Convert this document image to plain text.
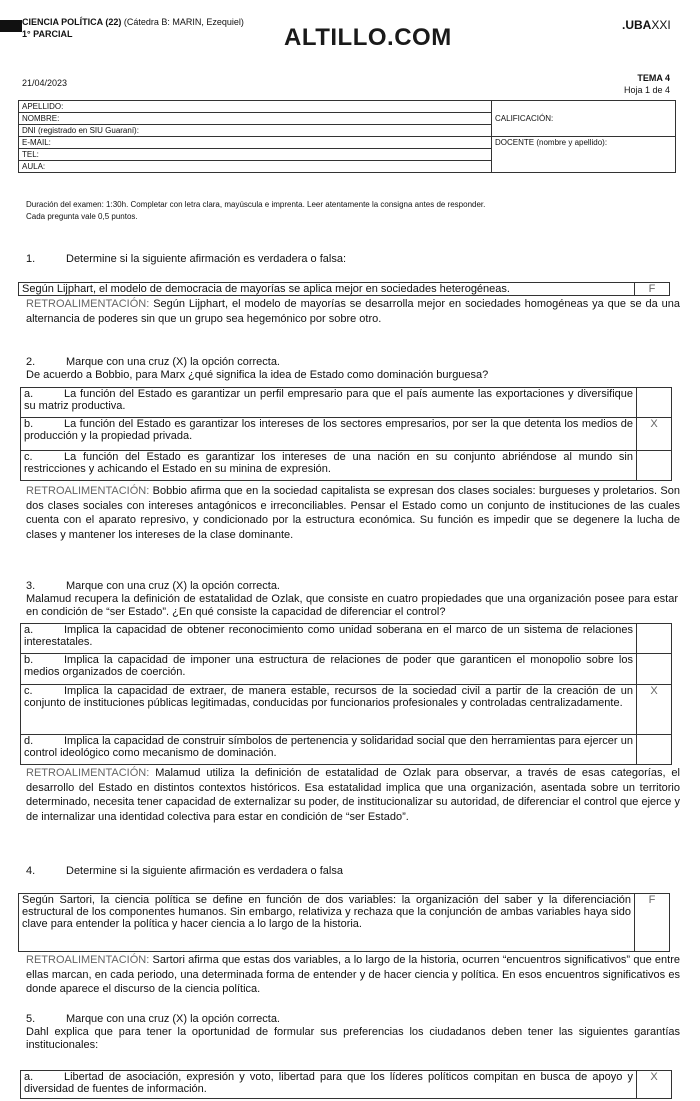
CIENCIA POLÍTICA (22) (Cátedra B: MARIN, Ezequiel)
1° PARCIAL	ALTILLO.COM	.UBAXXI
21/04/2023	TEMA 4
Hoja 1 de 4
APELLIDO:	CALIFICACIÓN:
NOMBRE:	
DNI (registrado en SIU Guaraní):	
E-MAIL:	DOCENTE (nombre y apellido):
TEL:	
AULA:	
Duración del examen: 1:30h. Completar con letra clara, mayúscula e imprenta. Leer atentamente la consigna antes de responder.
Cada pregunta vale 0,5 puntos.
1.	Determine si la siguiente afirmación es verdadera o falsa:
Según Lijphart, el modelo de democracia de mayorías se aplica mejor en sociedades heterogéneas.	F
RETROALIMENTACIÓN: Según Lijphart, el modelo de mayorías se desarrolla mejor en sociedades homogéneas ya que se da una alternancia de poderes sin que un grupo sea hegemónico por sobre otro.
2.	Marque con una cruz (X) la opción correcta.
De acuerdo a Bobbio, para Marx ¿qué significa la idea de Estado como dominación burguesa?
a. La función del Estado es garantizar un perfil empresario para que el país aumente las exportaciones y diversifique su matriz productiva.	
b. La función del Estado es garantizar los intereses de los sectores empresarios, por ser la que detenta los medios de producción y la propiedad privada.	X
c. La función del Estado es garantizar los intereses de una nación en su conjunto abriéndose al mundo sin restricciones y achicando el Estado en su minina de expresión.	
RETROALIMENTACIÓN: Bobbio afirma que en la sociedad capitalista se expresan dos clases sociales: burgueses y proletarios. Son dos clases sociales con intereses antagónicos e irreconciliables. Pensar el Estado como un conjunto de instituciones de las cuales cuenta con el aparato represivo, y condicionado por la estructura económica. Su función es impedir que se degenere la lucha de clases y mantener los intereses de la clase dominante.
3.	Marque con una cruz (X) la opción correcta.
Malamud recupera la definición de estatalidad de Ozlak, que consiste en cuatro propiedades que una organización posee para estar en condición de “ser Estado”. ¿En qué consiste la capacidad de diferenciar el control?
a. Implica la capacidad de obtener reconocimiento como unidad soberana en el marco de un sistema de relaciones interestatales.	
b. Implica la capacidad de imponer una estructura de relaciones de poder que garanticen el monopolio sobre los medios organizados de coerción.	
c. Implica la capacidad de extraer, de manera estable, recursos de la sociedad civil a partir de la creación de un conjunto de instituciones públicas legitimadas, conducidas por funcionarios profesionales y controladas centralizadamente.	X
d. Implica la capacidad de construir símbolos de pertenencia y solidaridad social que den herramientas para ejercer un control ideológico como mecanismo de dominación.	
RETROALIMENTACIÓN: Malamud utiliza la definición de estatalidad de Ozlak para observar, a través de esas categorías, el desarrollo del Estado en distintos contextos históricos. Esa estatalidad implica que una organización, asentada sobre un territorio determinado, necesita tener capacidad de externalizar su poder, de institucionalizar su autoridad, de diferenciar el control que ejerce y de internalizar una identidad colectiva para estar en condición de “ser Estado”.
4.	Determine si la siguiente afirmación es verdadera o falsa
Según Sartori, la ciencia política se define en función de dos variables: la organización del saber y la diferenciación estructural de los componentes humanos. Sin embargo, relativiza y rechaza que la conjunción de ambas variables haya sido clave para entender la política y hacer ciencia a lo largo de la historia.	F
RETROALIMENTACIÓN: Sartori afirma que estas dos variables, a lo largo de la historia, ocurren “encuentros significativos” que entre ellas marcan, en cada periodo, una determinada forma de entender y de hacer ciencia y política. En esos encuentros significativos es donde aparece el discurso de la ciencia política.
5.	Marque con una cruz (X) la opción correcta.
Dahl explica que para tener la oportunidad de formular sus preferencias los ciudadanos deben tener las siguientes garantías institucionales:
a.	Libertad de asociación, expresión y voto, libertad para que los líderes políticos compitan en busca de apoyo y diversidad de fuentes de información.	X
